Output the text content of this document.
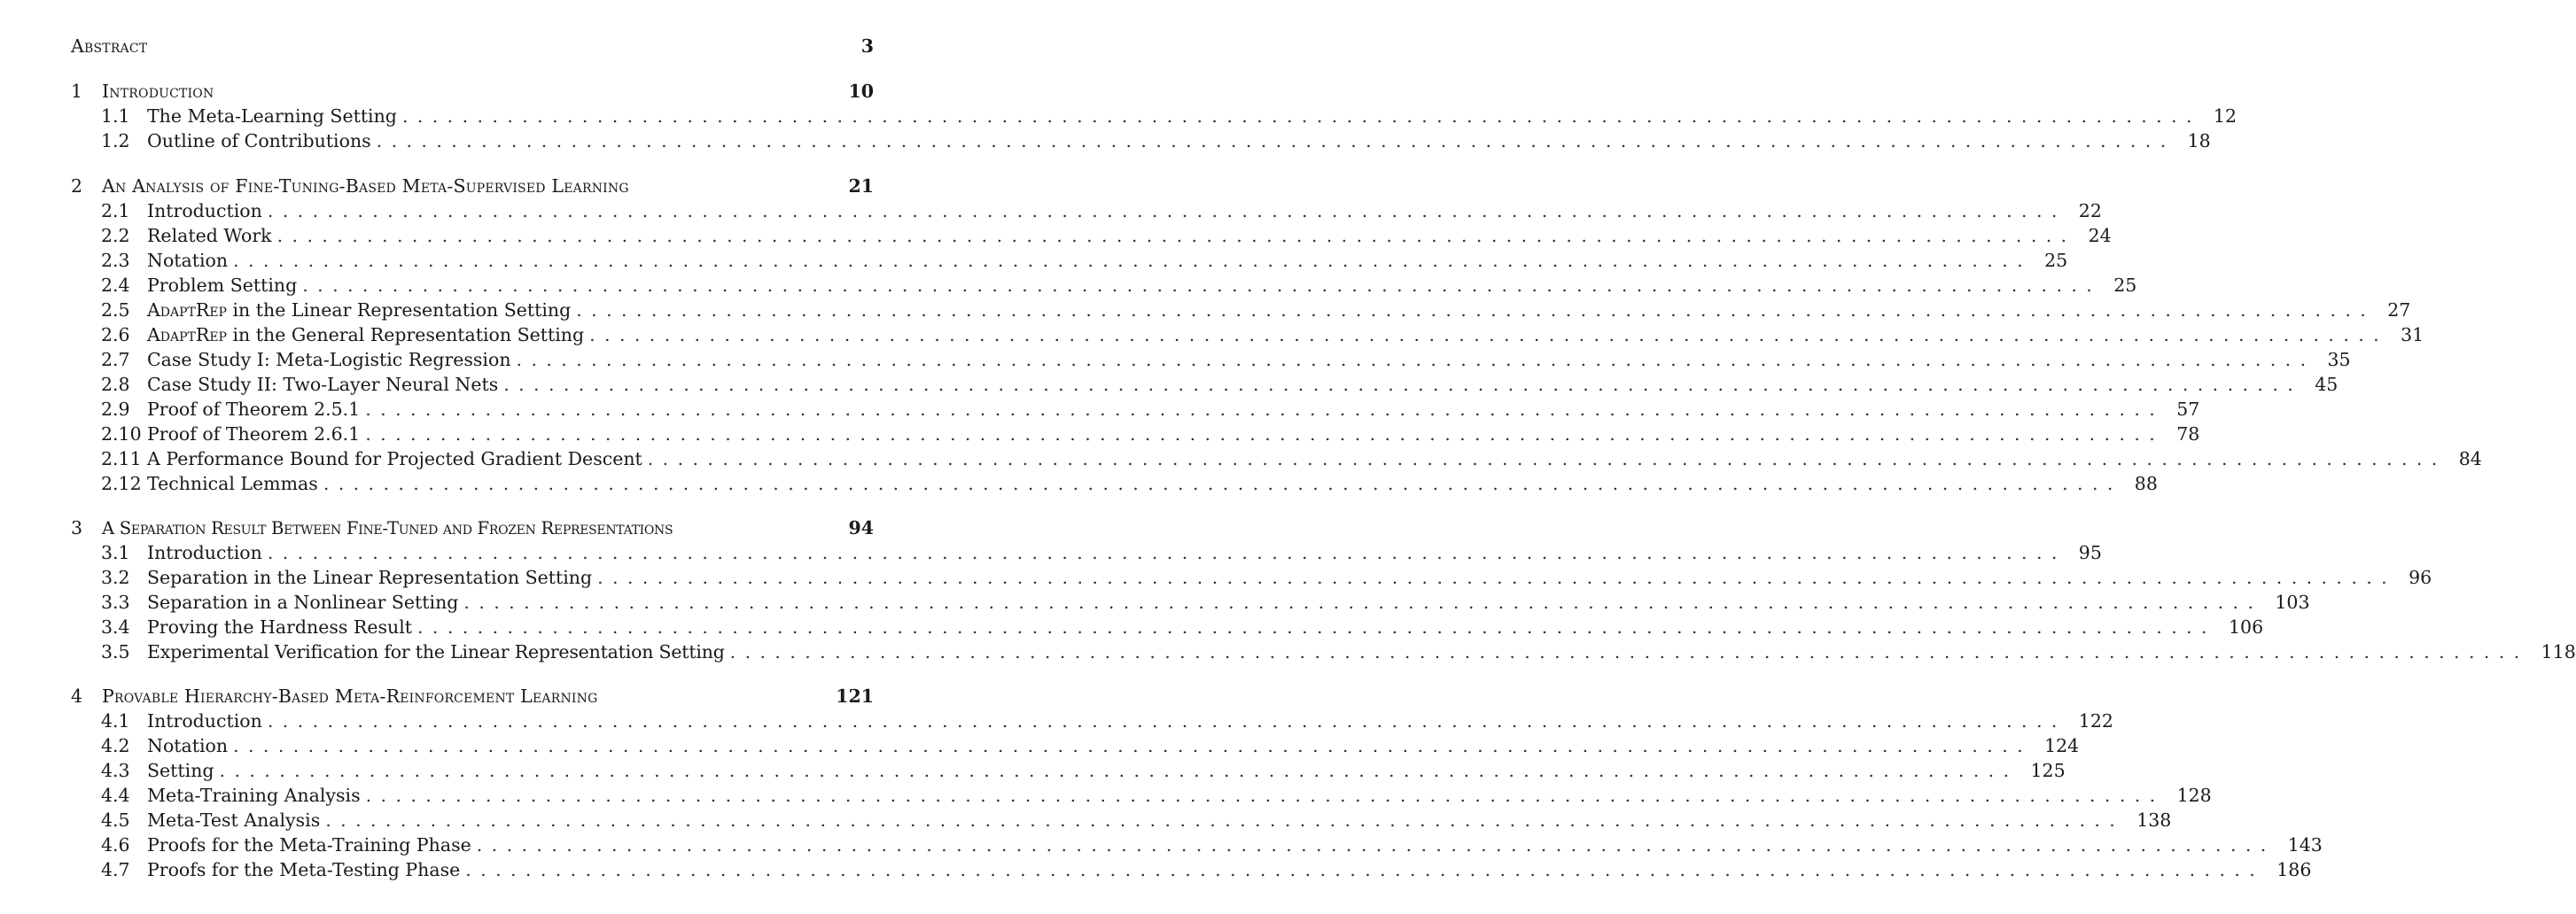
Abstract	3
1	Introduction	10
1.1 The Meta-Learning Setting ........................................................................................................................ 12
1.2 Outline of Contributions ........................................................................................................................ 18
2	An Analysis of Fine-Tuning-Based Meta-Supervised Learning	21
2.1 Introduction ........................................................................................................................ 22
2.2 Related Work ........................................................................................................................ 24
2.3 Notation ........................................................................................................................ 25
2.4 Problem Setting ........................................................................................................................ 25
2.5 AdaptRep in the Linear Representation Setting ........................................................................................................................ 27
2.6 AdaptRep in the General Representation Setting ........................................................................................................................ 31
2.7 Case Study I: Meta-Logistic Regression ........................................................................................................................ 35
2.8 Case Study II: Two-Layer Neural Nets ........................................................................................................................ 45
2.9 Proof of Theorem 2.5.1 ........................................................................................................................ 57
2.10 Proof of Theorem 2.6.1 ........................................................................................................................ 78
2.11 A Performance Bound for Projected Gradient Descent ........................................................................................................................ 84
2.12 Technical Lemmas ........................................................................................................................ 88
3	A Separation Result Between Fine-Tuned and Frozen Representations	94
3.1 Introduction ........................................................................................................................ 95
3.2 Separation in the Linear Representation Setting ........................................................................................................................ 96
3.3 Separation in a Nonlinear Setting ........................................................................................................................ 103
3.4 Proving the Hardness Result ........................................................................................................................ 106
3.5 Experimental Verification for the Linear Representation Setting ........................................................................................................................ 118
4	Provable Hierarchy-Based Meta-Reinforcement Learning	121
4.1 Introduction ........................................................................................................................ 122
4.2 Notation ........................................................................................................................ 124
4.3 Setting ........................................................................................................................ 125
4.4 Meta-Training Analysis ........................................................................................................................ 128
4.5 Meta-Test Analysis ........................................................................................................................ 138
4.6 Proofs for the Meta-Training Phase ........................................................................................................................ 143
4.7 Proofs for the Meta-Testing Phase ........................................................................................................................ 186
